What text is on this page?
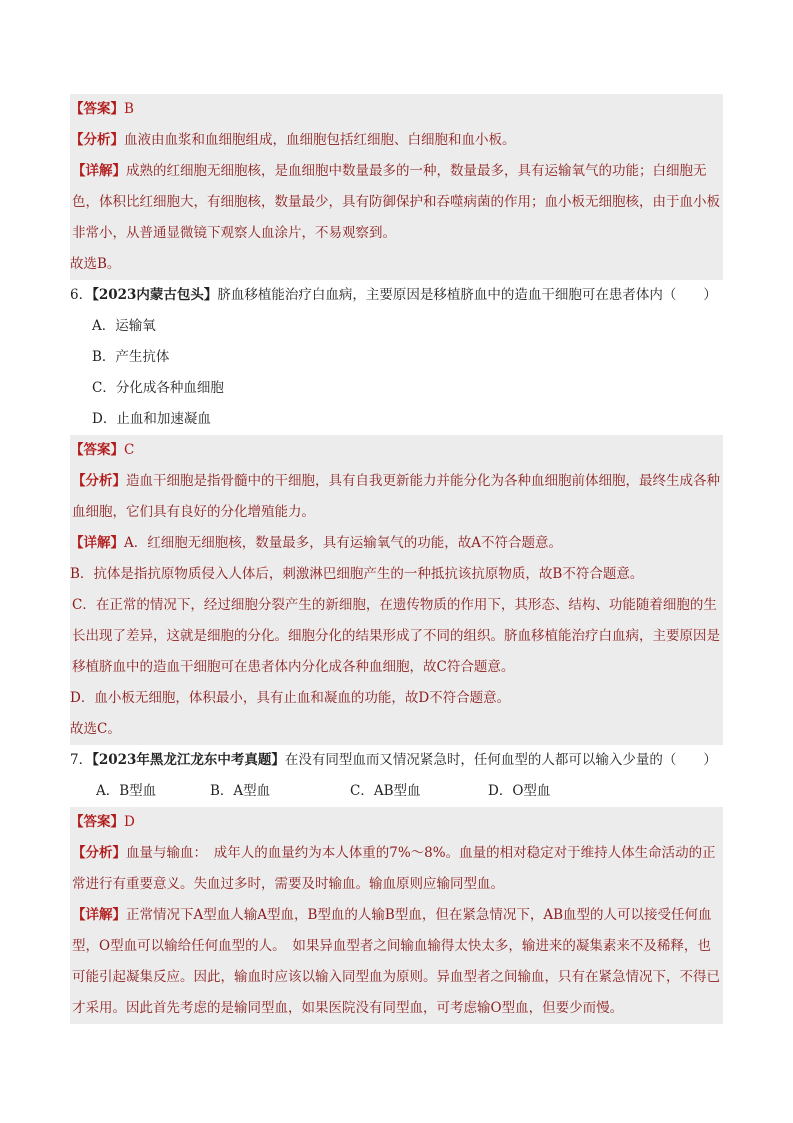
【答案】B
【分析】血液由血浆和血细胞组成，血细胞包括红细胞、白细胞和血小板。
【详解】成熟的红细胞无细胞核，是血细胞中数量最多的一种，数量最多，具有运输氧气的功能；白细胞无色，体积比红细胞大，有细胞核，数量最少，具有防御保护和吞噬病菌的作用；血小板无细胞核，由于血小板非常小，从普通显微镜下观察人血涂片，不易观察到。
故选B。
6．【2023内蒙古包头】脐血移植能治疗白血病，主要原因是移植脐血中的造血干细胞可在患者体内（　　）
A．运输氧
B．产生抗体
C．分化成各种血细胞
D．止血和加速凝血
【答案】C
【分析】造血干细胞是指骨髓中的干细胞，具有自我更新能力并能分化为各种血细胞前体细胞，最终生成各种血细胞，它们具有良好的分化增殖能力。
【详解】A．红细胞无细胞核，数量最多，具有运输氧气的功能，故A不符合题意。
B．抗体是指抗原物质侵入人体后，刺激淋巴细胞产生的一种抵抗该抗原物质，故B不符合题意。
C．在正常的情况下，经过细胞分裂产生的新细胞，在遗传物质的作用下，其形态、结构、功能随着细胞的生长出现了差异，这就是细胞的分化。细胞分化的结果形成了不同的组织。脐血移植能治疗白血病，主要原因是移植脐血中的造血干细胞可在患者体内分化成各种血细胞，故C符合题意。
D．血小板无细胞，体积最小，具有止血和凝血的功能，故D不符合题意。
故选C。
7．【2023年黑龙江龙东中考真题】在没有同型血而又情况紧急时，任何血型的人都可以输入少量的（　　）
A．B型血	B．A型血	C．AB型血	D．O型血
【答案】D
【分析】血量与输血：　成年人的血量约为本人体重的7%～8%。血量的相对稳定对于维持人体生命活动的正常进行有重要意义。失血过多时，需要及时输血。输血原则应输同型血。
【详解】正常情况下A型血人输A型血，B型血的人输B型血，但在紧急情况下，AB血型的人可以接受任何血型，O型血可以输给任何血型的人。　如果异血型者之间输血输得太快太多，输进来的凝集素来不及稀释，也可能引起凝集反应。因此，输血时应该以输入同型血为原则。异血型者之间输血，只有在紧急情况下，不得已才采用。因此首先考虑的是输同型血，如果医院没有同型血，可考虑输O型血，但要少而慢。
